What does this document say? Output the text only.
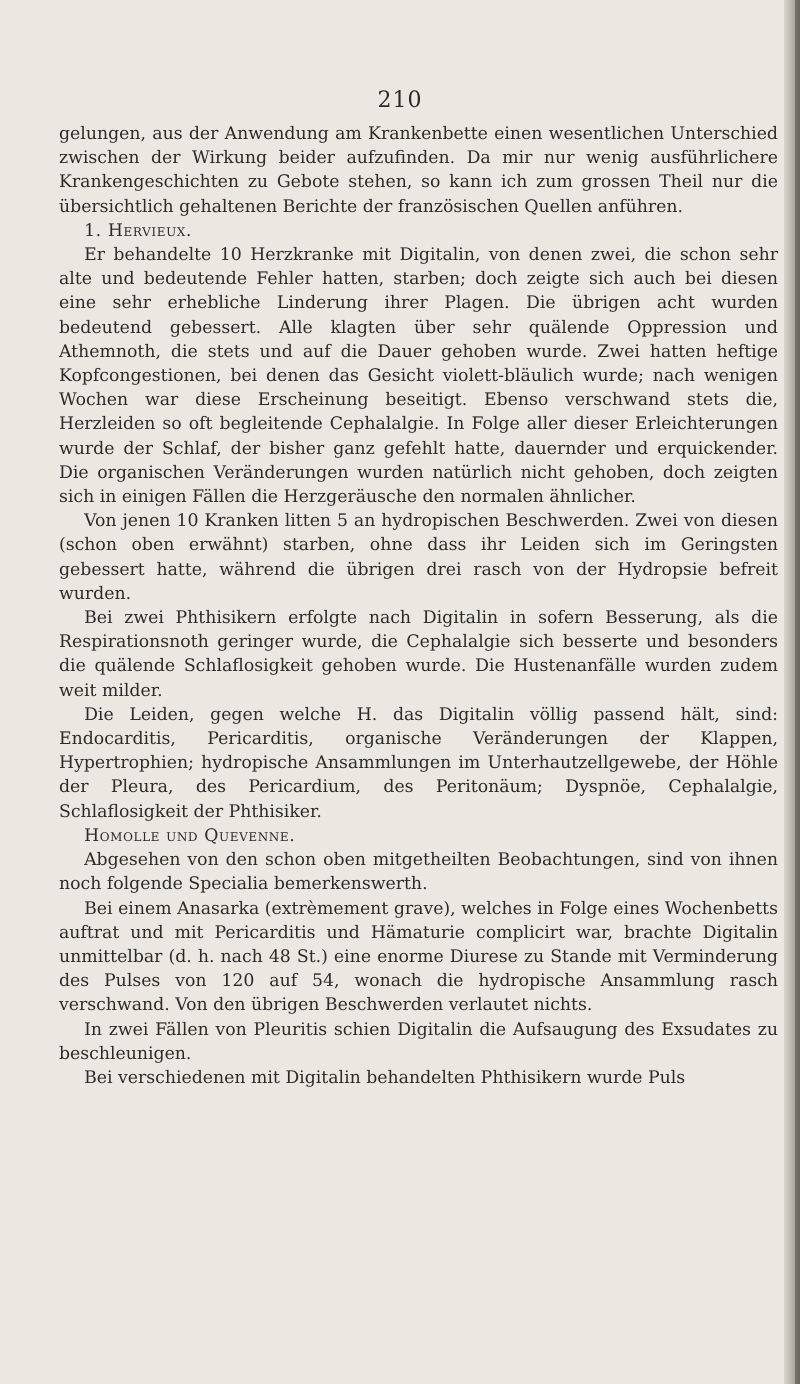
210

gelungen, aus der Anwendung am Krankenbette einen wesentlichen Unterschied zwischen der Wirkung beider aufzufinden. Da mir nur wenig ausführlichere Krankengeschichten zu Gebote stehen, so kann ich zum grossen Theil nur die übersichtlich gehaltenen Berichte der französischen Quellen anführen.

1. Hervieux.

Er behandelte 10 Herzkranke mit Digitalin, von denen zwei, die schon sehr alte und bedeutende Fehler hatten, starben; doch zeigte sich auch bei diesen eine sehr erhebliche Linderung ihrer Plagen. Die übrigen acht wurden bedeutend gebessert. Alle klagten über sehr quälende Oppression und Athemnoth, die stets und auf die Dauer gehoben wurde. Zwei hatten heftige Kopfcongestionen, bei denen das Gesicht violett-bläulich wurde; nach wenigen Wochen war diese Erscheinung beseitigt. Ebenso verschwand stets die, Herzleiden so oft begleitende Cephalalgie. In Folge aller dieser Erleichterungen wurde der Schlaf, der bisher ganz gefehlt hatte, dauernder und erquickender. Die organischen Veränderungen wurden natürlich nicht gehoben, doch zeigten sich in einigen Fällen die Herzgeräusche den normalen ähnlicher.

Von jenen 10 Kranken litten 5 an hydropischen Beschwerden. Zwei von diesen (schon oben erwähnt) starben, ohne dass ihr Leiden sich im Geringsten gebessert hatte, während die übrigen drei rasch von der Hydropsie befreit wurden.

Bei zwei Phthisikern erfolgte nach Digitalin in sofern Besserung, als die Respirationsnoth geringer wurde, die Cephalalgie sich besserte und besonders die quälende Schlaflosigkeit gehoben wurde. Die Hustenanfälle wurden zudem weit milder.

Die Leiden, gegen welche H. das Digitalin völlig passend hält, sind: Endocarditis, Pericarditis, organische Veränderungen der Klappen, Hypertrophien; hydropische Ansammlungen im Unterhautzellgewebe, der Höhle der Pleura, des Pericardium, des Peritonäum; Dyspnöe, Cephalalgie, Schlaflosigkeit der Phthisiker.

Homolle und Quevenne.

Abgesehen von den schon oben mitgetheilten Beobachtungen, sind von ihnen noch folgende Specialia bemerkenswerth.

Bei einem Anasarka (extrèmement grave), welches in Folge eines Wochenbetts auftrat und mit Pericarditis und Hämaturie complicirt war, brachte Digitalin unmittelbar (d. h. nach 48 St.) eine enorme Diurese zu Stande mit Verminderung des Pulses von 120 auf 54, wonach die hydropische Ansammlung rasch verschwand. Von den übrigen Beschwerden verlautet nichts.

In zwei Fällen von Pleuritis schien Digitalin die Aufsaugung des Exsudates zu beschleunigen.

Bei verschiedenen mit Digitalin behandelten Phthisikern wurde Puls
